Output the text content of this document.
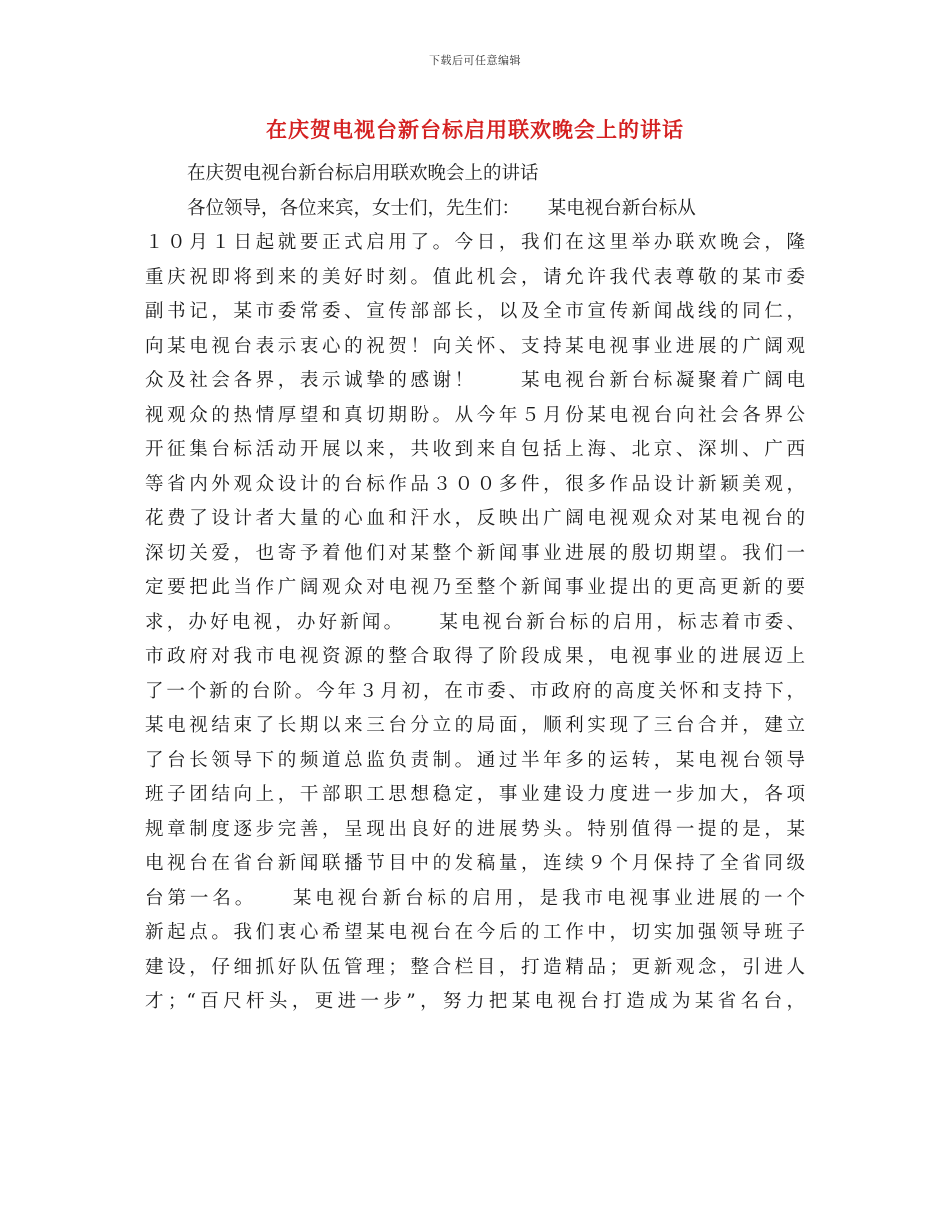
下载后可任意编辑
在庆贺电视台新台标启用联欢晚会上的讲话
在庆贺电视台新台标启用联欢晚会上的讲话
各位领导，各位来宾，女士们，先生们：　　某电视台新台标从
１０月１日起就要正式启用了。今日，我们在这里举办联欢晚会，隆
重庆祝即将到来的美好时刻。值此机会，请允许我代表尊敬的某市委
副书记，某市委常委、宣传部部长，以及全市宣传新闻战线的同仁，
向某电视台表示衷心的祝贺！向关怀、支持某电视事业进展的广阔观
众及社会各界，表示诚挚的感谢！　　某电视台新台标凝聚着广阔电
视观众的热情厚望和真切期盼。从今年５月份某电视台向社会各界公
开征集台标活动开展以来，共收到来自包括上海、北京、深圳、广西
等省内外观众设计的台标作品３００多件，很多作品设计新颖美观，
花费了设计者大量的心血和汗水，反映出广阔电视观众对某电视台的
深切关爱，也寄予着他们对某整个新闻事业进展的殷切期望。我们一
定要把此当作广阔观众对电视乃至整个新闻事业提出的更高更新的要
求，办好电视，办好新闻。　　某电视台新台标的启用，标志着市委、
市政府对我市电视资源的整合取得了阶段成果，电视事业的进展迈上
了一个新的台阶。今年３月初，在市委、市政府的高度关怀和支持下，
某电视结束了长期以来三台分立的局面，顺利实现了三台合并，建立
了台长领导下的频道总监负责制。通过半年多的运转，某电视台领导
班子团结向上，干部职工思想稳定，事业建设力度进一步加大，各项
规章制度逐步完善，呈现出良好的进展势头。特别值得一提的是，某
电视台在省台新闻联播节目中的发稿量，连续９个月保持了全省同级
台第一名。　　某电视台新台标的启用，是我市电视事业进展的一个
新起点。我们衷心希望某电视台在今后的工作中，切实加强领导班子
建设，仔细抓好队伍管理；整合栏目，打造精品；更新观念，引进人
才；“百尺杆头，更进一步”，努力把某电视台打造成为某省名台，
